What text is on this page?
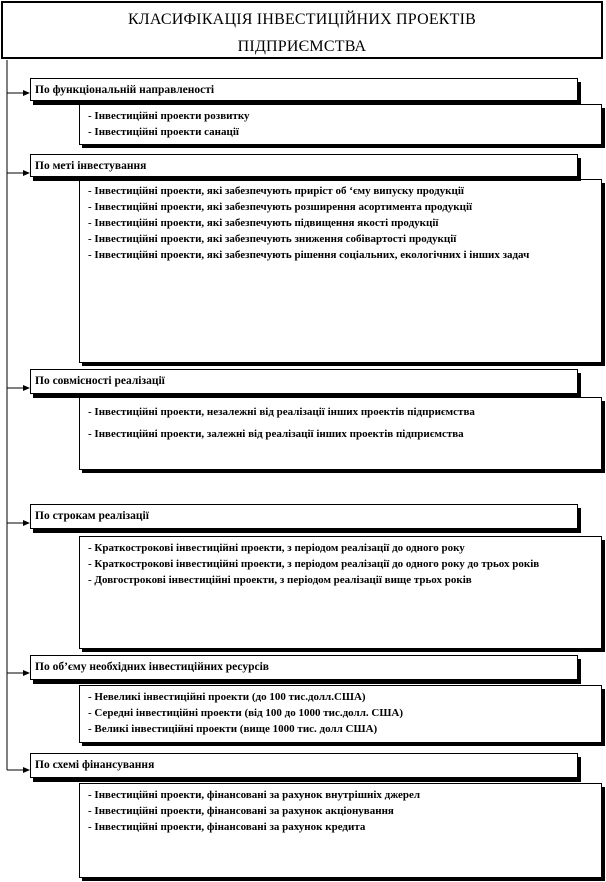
КЛАСИФІКАЦІЯ ІНВЕСТИЦІЙНИХ ПРОЕКТІВ
ПІДПРИЄМСТВА
- Інвестиційні проекти розвитку
- Інвестиційні проекти санації
По функціональній направленості
- Інвестиційні проекти, які забезпечують приріст об ‘єму випуску продукції
- Інвестиційні проекти, які забезпечують розширення асортимента продукції
- Інвестиційні проекти, які забезпечують підвищення якості продукції
- Інвестиційні проекти, які забезпечують зниження собівартості продукції
- Інвестиційні проекти, які забезпечують рішення соціальних, екологічних і інших задач
По меті інвестування
- Інвестиційні проекти, незалежні від реалізації інших проектів підприємства
- Інвестиційні проекти, залежні від реалізації інших проектів підприємства
По совмісності реалізації
- Краткострокові інвестиційні проекти, з періодом реалізації до одного року
- Краткострокові інвестиційні проекти, з періодом реалізації до одного року до трьох років
- Довгострокові інвестиційні проекти, з періодом реалізації вище трьох років
По строкам реалізації
- Невеликі інвестиційні проекти (до 100 тис.долл.США)
- Середні інвестиційні проекти (від 100 до 1000 тис.долл. США)
- Великі інвестиційні проекти (вище 1000 тис. долл США)
По об’єму необхідних інвестиційних ресурсів
- Інвестиційні проекти, фінансовані за рахунок внутрішніх джерел
- Інвестиційні проекти, фінансовані за рахунок акціонування
- Інвестиційні проекти, фінансовані за рахунок кредита
По схемі фінансування
